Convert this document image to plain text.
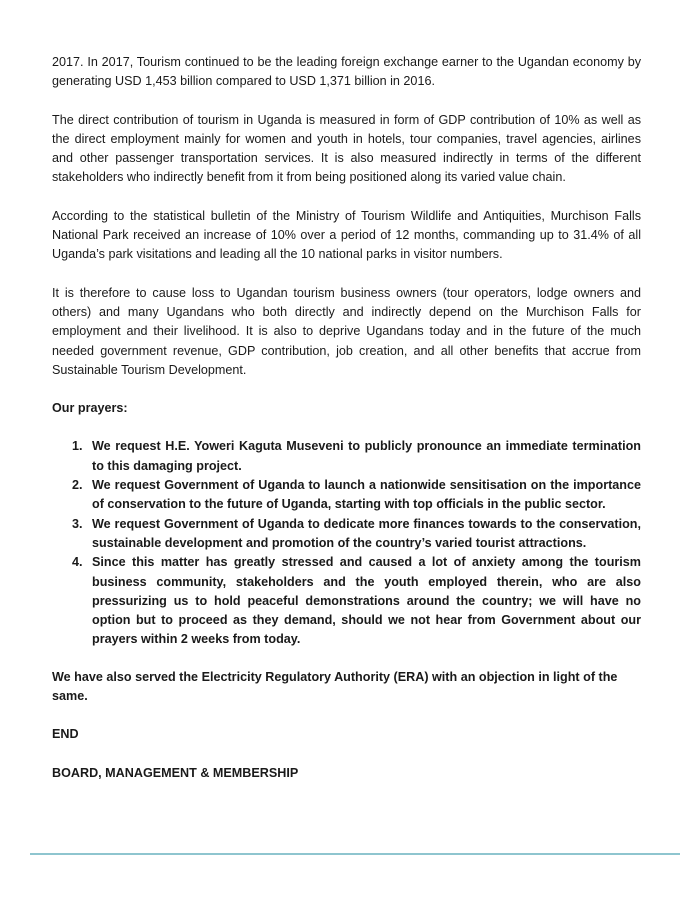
2017. In 2017, Tourism continued to be the leading foreign exchange earner to the Ugandan economy by generating USD 1,453 billion compared to USD 1,371 billion in 2016.

The direct contribution of tourism in Uganda is measured in form of GDP contribution of 10% as well as the direct employment mainly for women and youth in hotels, tour companies, travel agencies, airlines and other passenger transportation services. It is also measured indirectly in terms of the different stakeholders who indirectly benefit from it from being positioned along its varied value chain.

According to the statistical bulletin of the Ministry of Tourism Wildlife and Antiquities, Murchison Falls National Park received an increase of 10% over a period of 12 months, commanding up to 31.4% of all Uganda’s park visitations and leading all the 10 national parks in visitor numbers.

It is therefore to cause loss to Ugandan tourism business owners (tour operators, lodge owners and others) and many Ugandans who both directly and indirectly depend on the Murchison Falls for employment and their livelihood. It is also to deprive Ugandans today and in the future of the much needed government revenue, GDP contribution, job creation, and all other benefits that accrue from Sustainable Tourism Development.

Our prayers:

1. We request H.E. Yoweri Kaguta Museveni to publicly pronounce an immediate termination to this damaging project.
2. We request Government of Uganda to launch a nationwide sensitisation on the importance of conservation to the future of Uganda, starting with top officials in the public sector.
3. We request Government of Uganda to dedicate more finances towards to the conservation, sustainable development and promotion of the country’s varied tourist attractions.
4. Since this matter has greatly stressed and caused a lot of anxiety among the tourism business community, stakeholders and the youth employed therein, who are also pressurizing us to hold peaceful demonstrations around the country; we will have no option but to proceed as they demand, should we not hear from Government about our prayers within 2 weeks from today.

We have also served the Electricity Regulatory Authority (ERA) with an objection in light of the same.

END

BOARD, MANAGEMENT & MEMBERSHIP
